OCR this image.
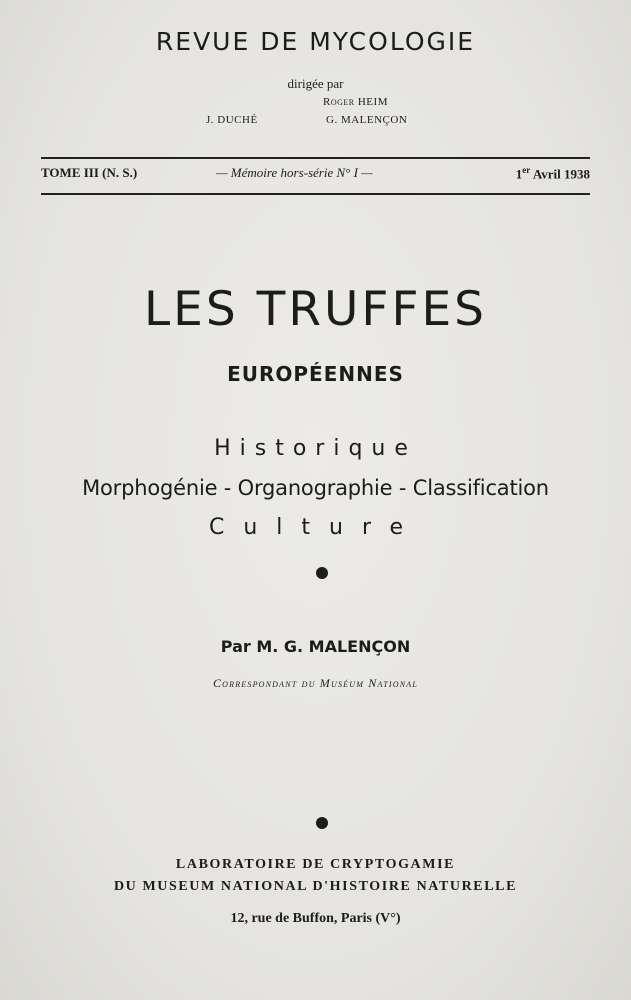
REVUE DE MYCOLOGIE
dirigée par
Roger HEIM
J. DUCHÉ	G. MALENÇON
TOME III (N. S.)	— Mémoire hors-série N° I —	1er Avril 1938
LES TRUFFES
EUROPÉENNES
Historique
Morphogénie - Organographie - Classification
Culture
Par M. G. MALENÇON
Correspondant du Muséum National
LABORATOIRE DE CRYPTOGAMIE
DU MUSEUM NATIONAL D'HISTOIRE NATURELLE
12, rue de Buffon, Paris (V°)
